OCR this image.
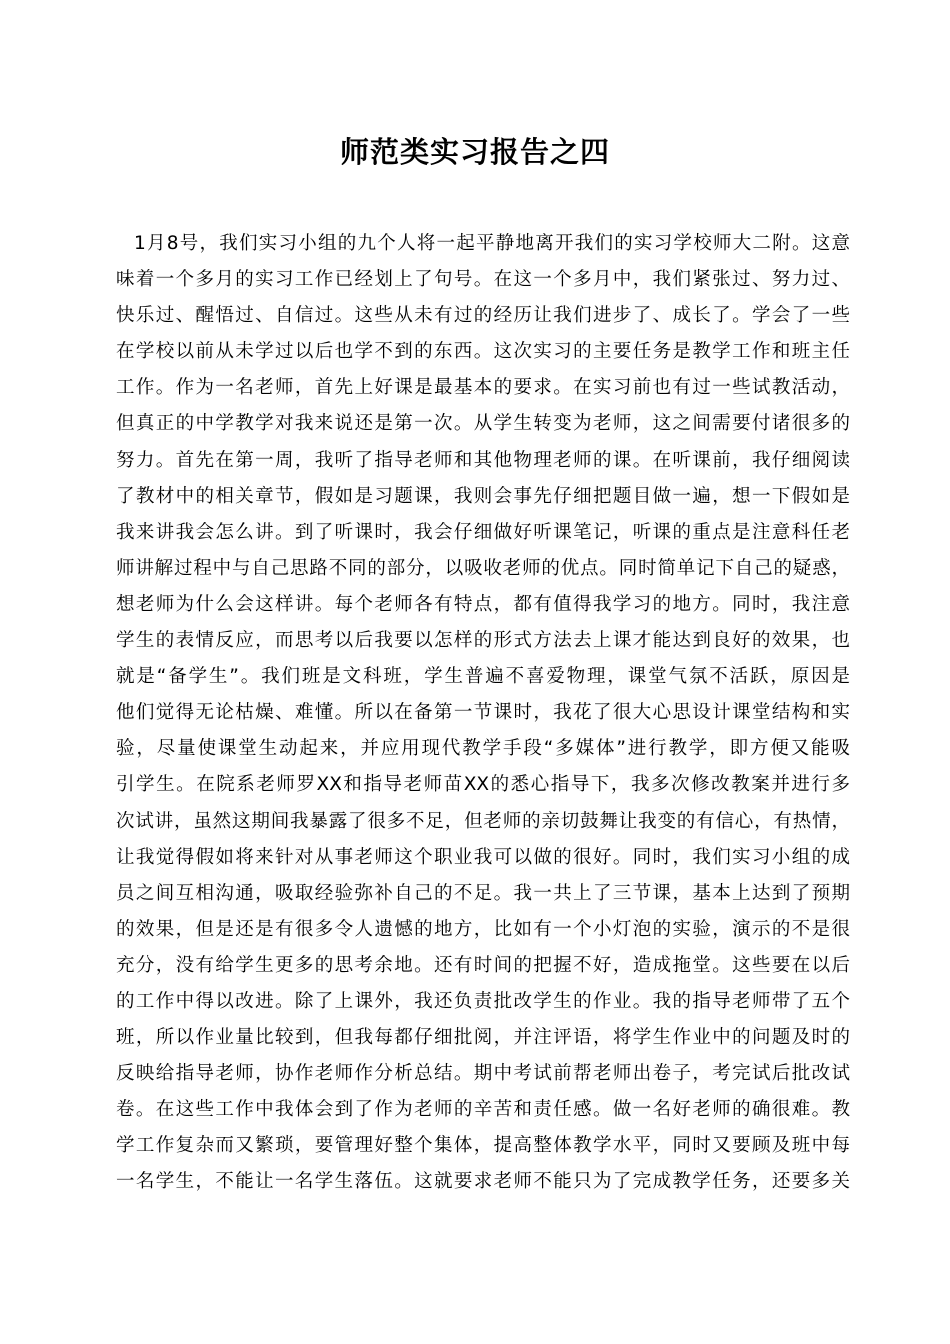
师范类实习报告之四
1月8号，我们实习小组的九个人将一起平静地离开我们的实习学校师大二附。这意
味着一个多月的实习工作已经划上了句号。在这一个多月中，我们紧张过、努力过、
快乐过、醒悟过、自信过。这些从未有过的经历让我们进步了、成长了。学会了一些
在学校以前从未学过以后也学不到的东西。这次实习的主要任务是教学工作和班主任
工作。作为一名老师，首先上好课是最基本的要求。在实习前也有过一些试教活动，
但真正的中学教学对我来说还是第一次。从学生转变为老师，这之间需要付诸很多的
努力。首先在第一周，我听了指导老师和其他物理老师的课。在听课前，我仔细阅读
了教材中的相关章节，假如是习题课，我则会事先仔细把题目做一遍，想一下假如是
我来讲我会怎么讲。到了听课时，我会仔细做好听课笔记，听课的重点是注意科任老
师讲解过程中与自己思路不同的部分，以吸收老师的优点。同时简单记下自己的疑惑，
想老师为什么会这样讲。每个老师各有特点，都有值得我学习的地方。同时，我注意
学生的表情反应，而思考以后我要以怎样的形式方法去上课才能达到良好的效果，也
就是“备学生”。我们班是文科班，学生普遍不喜爱物理，课堂气氛不活跃，原因是
他们觉得无论枯燥、难懂。所以在备第一节课时，我花了很大心思设计课堂结构和实
验，尽量使课堂生动起来，并应用现代教学手段“多媒体”进行教学，即方便又能吸
引学生。在院系老师罗XX和指导老师苗XX的悉心指导下，我多次修改教案并进行多
次试讲，虽然这期间我暴露了很多不足，但老师的亲切鼓舞让我变的有信心，有热情，
让我觉得假如将来针对从事老师这个职业我可以做的很好。同时，我们实习小组的成
员之间互相沟通，吸取经验弥补自己的不足。我一共上了三节课，基本上达到了预期
的效果，但是还是有很多令人遗憾的地方，比如有一个小灯泡的实验，演示的不是很
充分，没有给学生更多的思考余地。还有时间的把握不好，造成拖堂。这些要在以后
的工作中得以改进。除了上课外，我还负责批改学生的作业。我的指导老师带了五个
班，所以作业量比较到，但我每都仔细批阅，并注评语，将学生作业中的问题及时的
反映给指导老师，协作老师作分析总结。期中考试前帮老师出卷子，考完试后批改试
卷。在这些工作中我体会到了作为老师的辛苦和责任感。做一名好老师的确很难。教
学工作复杂而又繁琐，要管理好整个集体，提高整体教学水平，同时又要顾及班中每
一名学生，不能让一名学生落伍。这就要求老师不能只为了完成教学任务，还要多关
